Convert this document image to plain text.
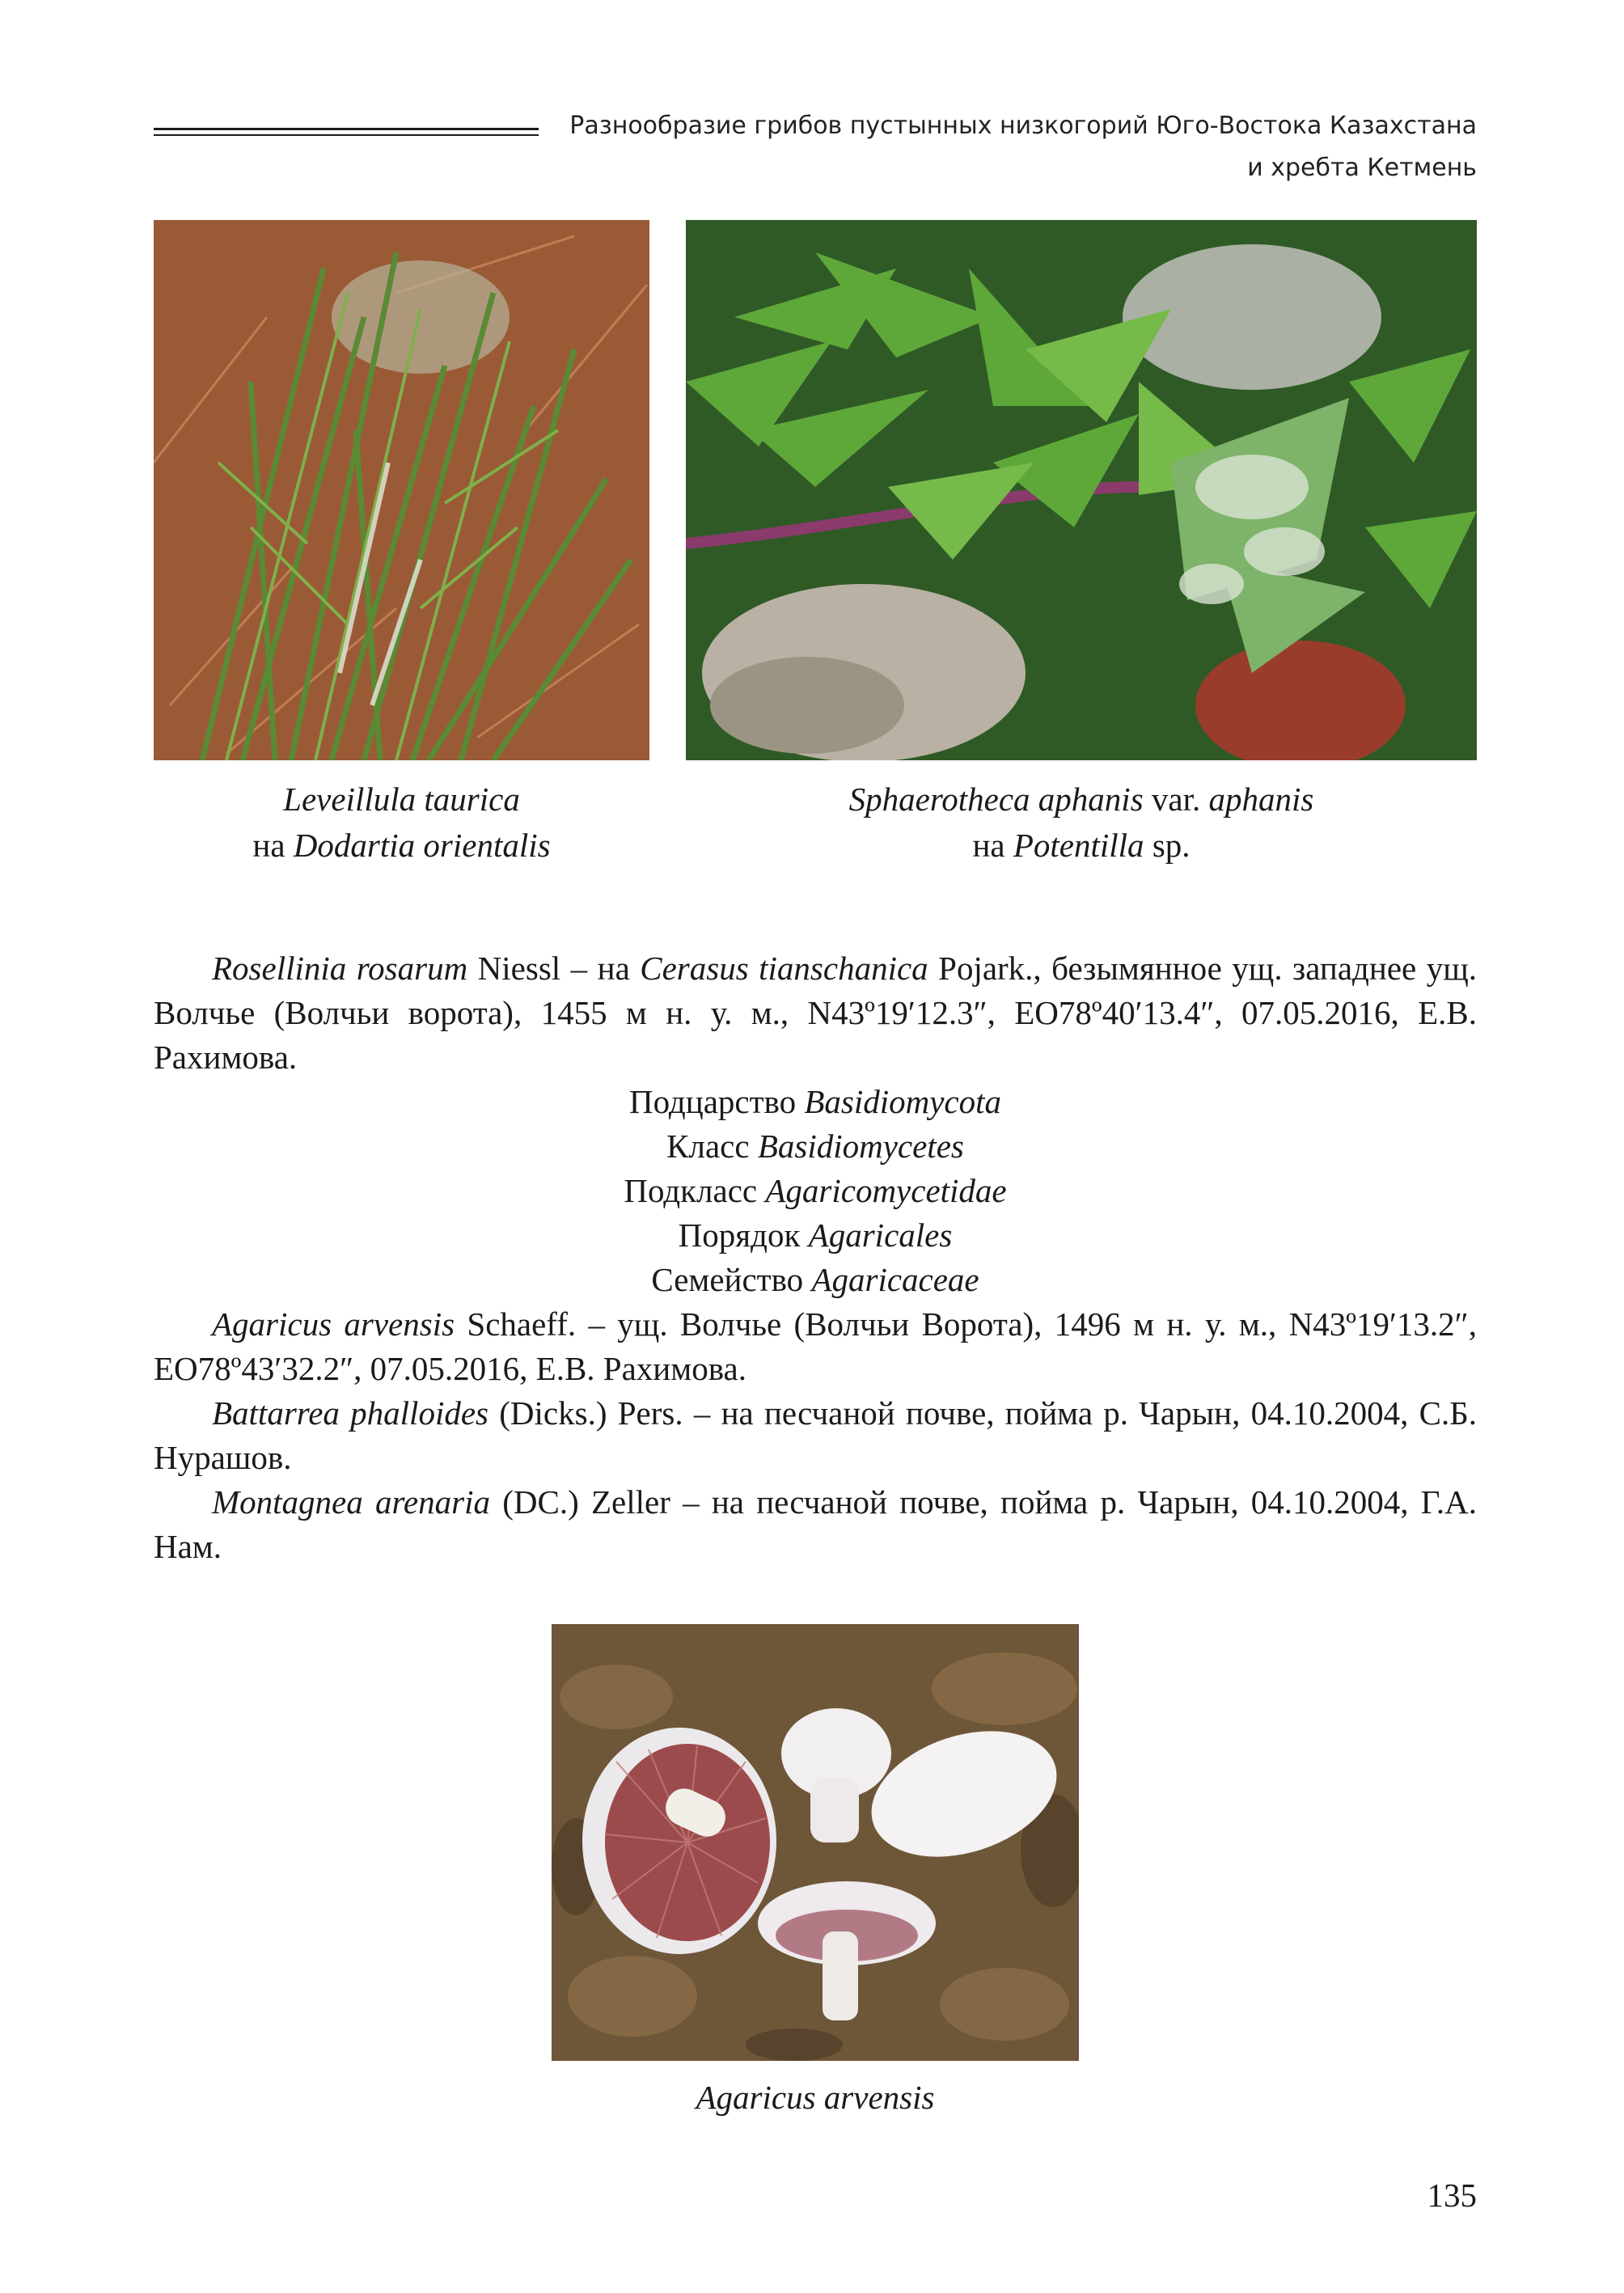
Разнообразие грибов пустынных низкогорий Юго-Востока Казахстана
и хребта Кетмень
Leveillula taurica
на Dodartia orientalis
Sphaerotheca aphanis var. aphanis
на Potentilla sp.

Rosellinia rosarum Niessl – на Cerasus tianschanica Pojark., безымянное ущ. западнее ущ. Волчье (Волчьи ворота), 1455 м н. у. м., N43º19′12.3″, EO78º40′13.4″, 07.05.2016, Е.В. Рахимова.

Подцарство Basidiomycota

Класс Basidiomycetes

Подкласс Agaricomycetidae

Порядок Agaricales

Семейство Agaricaceae

Agaricus arvensis Schaeff. – ущ. Волчье (Волчьи Ворота), 1496 м н. у. м., N43º19′13.2″, EO78º43′32.2″, 07.05.2016, Е.В. Рахимова.

Battarrea phalloides (Dicks.) Pers. – на песчаной почве, пойма р. Чарын, 04.10.2004, С.Б. Нурашов.

Montagnea arenaria (DC.) Zeller – на песчаной почве, пойма р. Чарын, 04.10.2004, Г.А. Нам.

Agaricus arvensis
135
